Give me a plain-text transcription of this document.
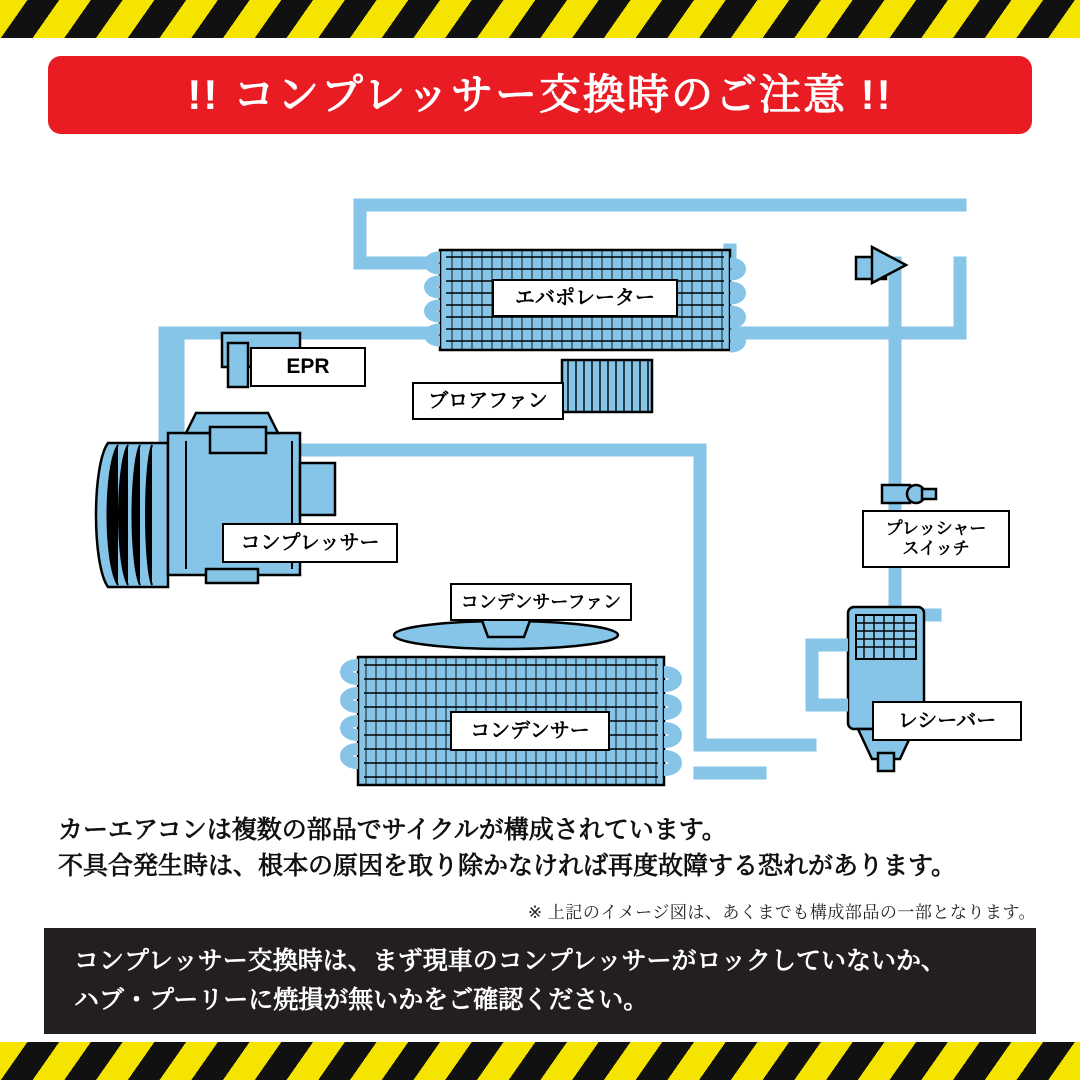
!! コンプレッサー交換時のご注意 !!
エバポレーター
EPR
ブロアファン
コンプレッサー
コンデンサーファン
コンデンサー
プレッシャー
スイッチ
レシーバー
カーエアコンは複数の部品でサイクルが構成されています。
不具合発生時は、根本の原因を取り除かなければ再度故障する恐れがあります。
※ 上記のイメージ図は、あくまでも構成部品の一部となります。
コンプレッサー交換時は、まず現車のコンプレッサーがロックしていないか、
ハブ・プーリーに焼損が無いかをご確認ください。
